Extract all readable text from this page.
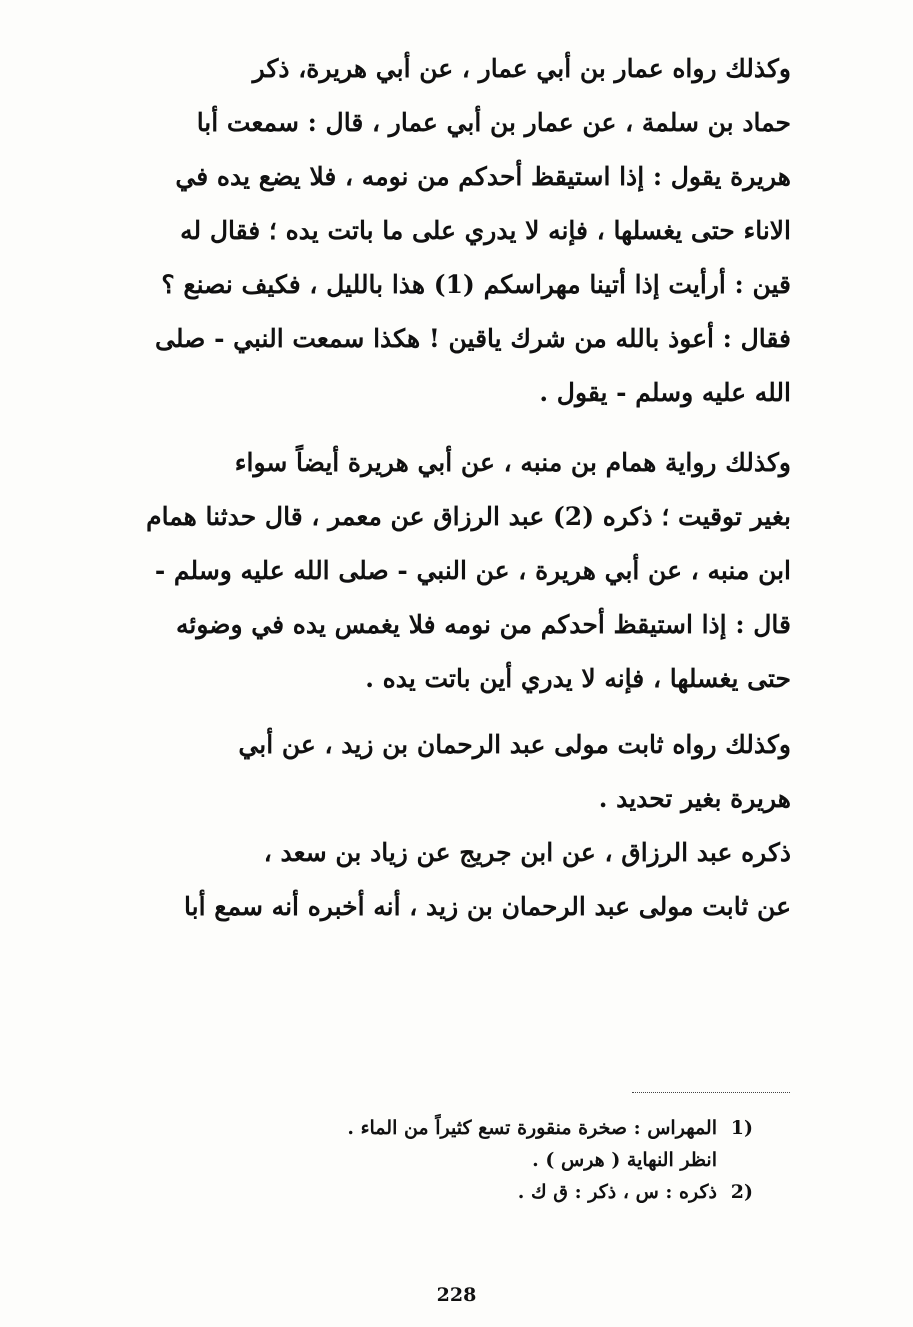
وكذلك رواه عمار بن أبي عمار ، عن أبي هريرة، ذكر
حماد بن سلمة ، عن عمار بن أبي عمار ، قال : سمعت أبا
هريرة يقول : إذا استيقظ أحدكم من نومه ، فلا يضع يده في
الاناء حتى يغسلها ، فإنه لا يدري على ما باتت يده ؛ فقال له
قين : أرأيت إذا أتينا مهراسكم (1) هذا بالليل ، فكيف نصنع ؟
فقال : أعوذ بالله من شرك ياقين ! هكذا سمعت النبي - صلى
الله عليه وسلم - يقول .

وكذلك رواية همام بن منبه ، عن أبي هريرة أيضاً سواء
بغير توقيت ؛ ذكره (2) عبد الرزاق عن معمر ، قال حدثنا همام
ابن منبه ، عن أبي هريرة ، عن النبي - صلى الله عليه وسلم -
قال : إذا استيقظ أحدكم من نومه فلا يغمس يده في وضوئه
حتى يغسلها ، فإنه لا يدري أين باتت يده .

وكذلك رواه ثابت مولى عبد الرحمان بن زيد ، عن أبي
هريرة بغير تحديد .

ذكره عبد الرزاق ، عن ابن جريج عن زياد بن سعد ،
عن ثابت مولى عبد الرحمان بن زيد ، أنه أخبره أنه سمع أبا

(1المهراس : صخرة منقورة تسع كثيراً من الماء .
انظر النهاية ( هرس ) .
(2ذكره : س ، ذكر : ق ك .
228
